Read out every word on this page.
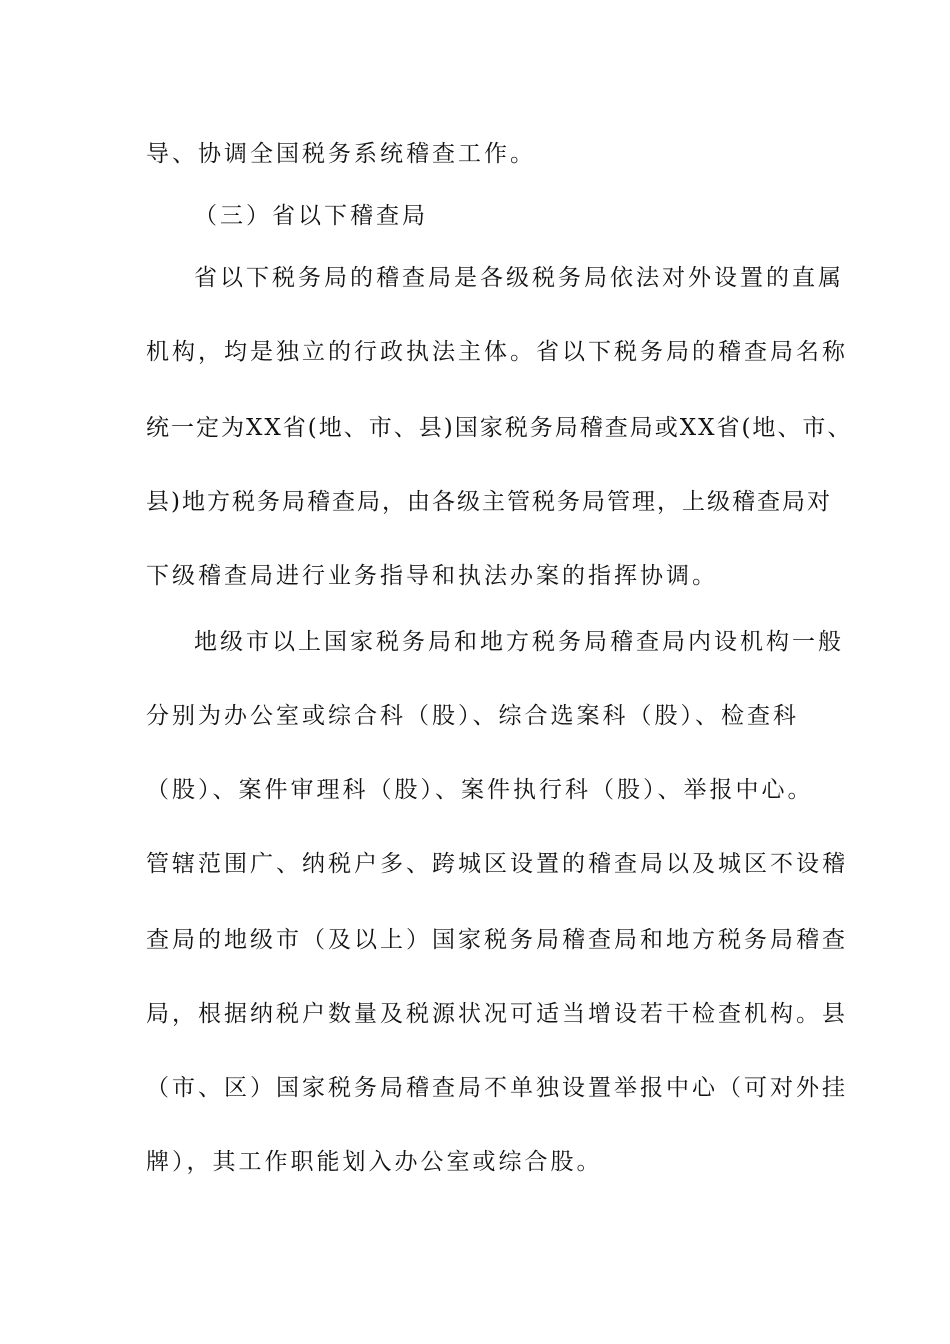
导、协调全国税务系统稽查工作。
（三）省以下稽查局
省以下税务局的稽查局是各级税务局依法对外设置的直属
机构，均是独立的行政执法主体。省以下税务局的稽查局名称
统一定为XX省(地、市、县)国家税务局稽查局或XX省(地、市、
县)地方税务局稽查局，由各级主管税务局管理，上级稽查局对
下级稽查局进行业务指导和执法办案的指挥协调。
地级市以上国家税务局和地方税务局稽查局内设机构一般
分别为办公室或综合科（股）、综合选案科（股）、检查科
（股）、案件审理科（股）、案件执行科（股）、举报中心。
管辖范围广、纳税户多、跨城区设置的稽查局以及城区不设稽
查局的地级市（及以上）国家税务局稽查局和地方税务局稽查
局，根据纳税户数量及税源状况可适当增设若干检查机构。县
（市、区）国家税务局稽查局不单独设置举报中心（可对外挂
牌），其工作职能划入办公室或综合股。
